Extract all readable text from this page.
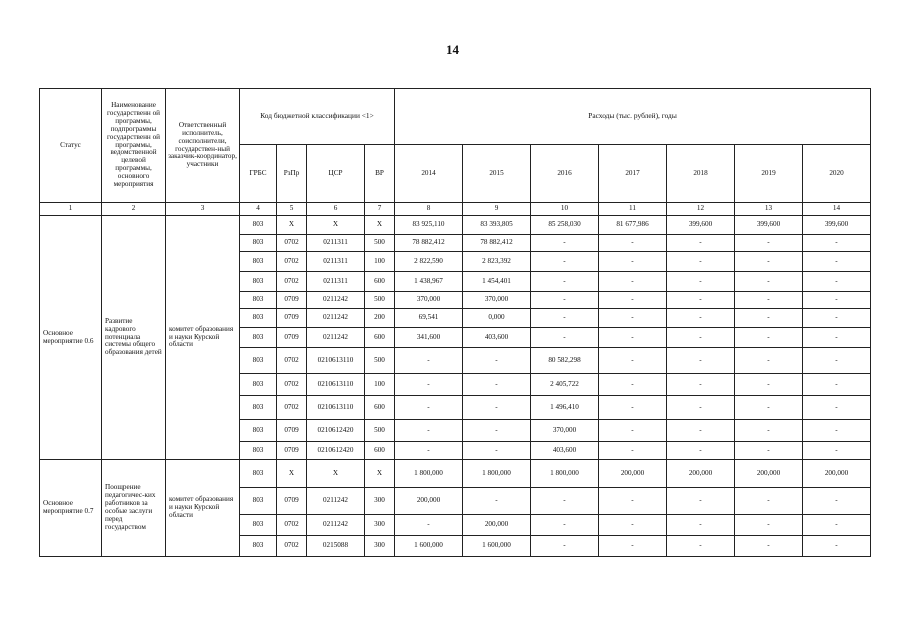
14
Статус	Наименование государственн ой программы, подпрограммы государственн ой программы, ведомственной целевой программы, основного мероприятия	Ответственный исполнитель, соисполнители, государствен-ный заказчик-координатор, участники	Код бюджетной классификации <1>				Расходы (тыс. рублей), годы						
			ГРБС	РзПр	ЦСР	ВР	2014	2015	2016	2017	2018	2019	2020
1	2	3	4	5	6	7	8	9	10	11	12	13	14
Основное мероприятие 0.6	Развитие кадрового потенциала системы общего образования детей	комитет образования и науки Курской области	803	Х	Х	Х	83 925,110	83 393,805	85 258,030	81 677,986	399,600	399,600	399,600
			803	0702	0211311	500	78 882,412	78 882,412	-	-	-	-	-
			803	0702	0211311	100	2 822,590	2 823,392	-	-	-	-	-
			803	0702	0211311	600	1 438,967	1 454,401	-	-	-	-	-
			803	0709	0211242	500	370,000	370,000	-	-	-	-	-
			803	0709	0211242	200	69,541	0,000	-	-	-	-	-
			803	0709	0211242	600	341,600	403,600	-	-	-	-	-
			803	0702	0210613110	500	-	-	80 582,298	-	-	-	-
			803	0702	0210613110	100	-	-	2 405,722	-	-	-	-
			803	0702	0210613110	600	-	-	1 496,410	-	-	-	-
			803	0709	0210612420	500	-	-	370,000	-	-	-	-
			803	0709	0210612420	600	-	-	403,600	-	-	-	-
Основное мероприятие 0.7	Поощрение педагогичес-ких работников за особые заслуги перед государством	комитет образования и науки Курской области	803	Х	Х	Х	1 800,000	1 800,000	1 800,000	200,000	200,000	200,000	200,000
			803	0709	0211242	300	200,000	-	-	-	-	-	-
			803	0702	0211242	300	-	200,000	-	-	-	-	-
			803	0702	0215088	300	1 600,000	1 600,000	-	-	-	-	-
